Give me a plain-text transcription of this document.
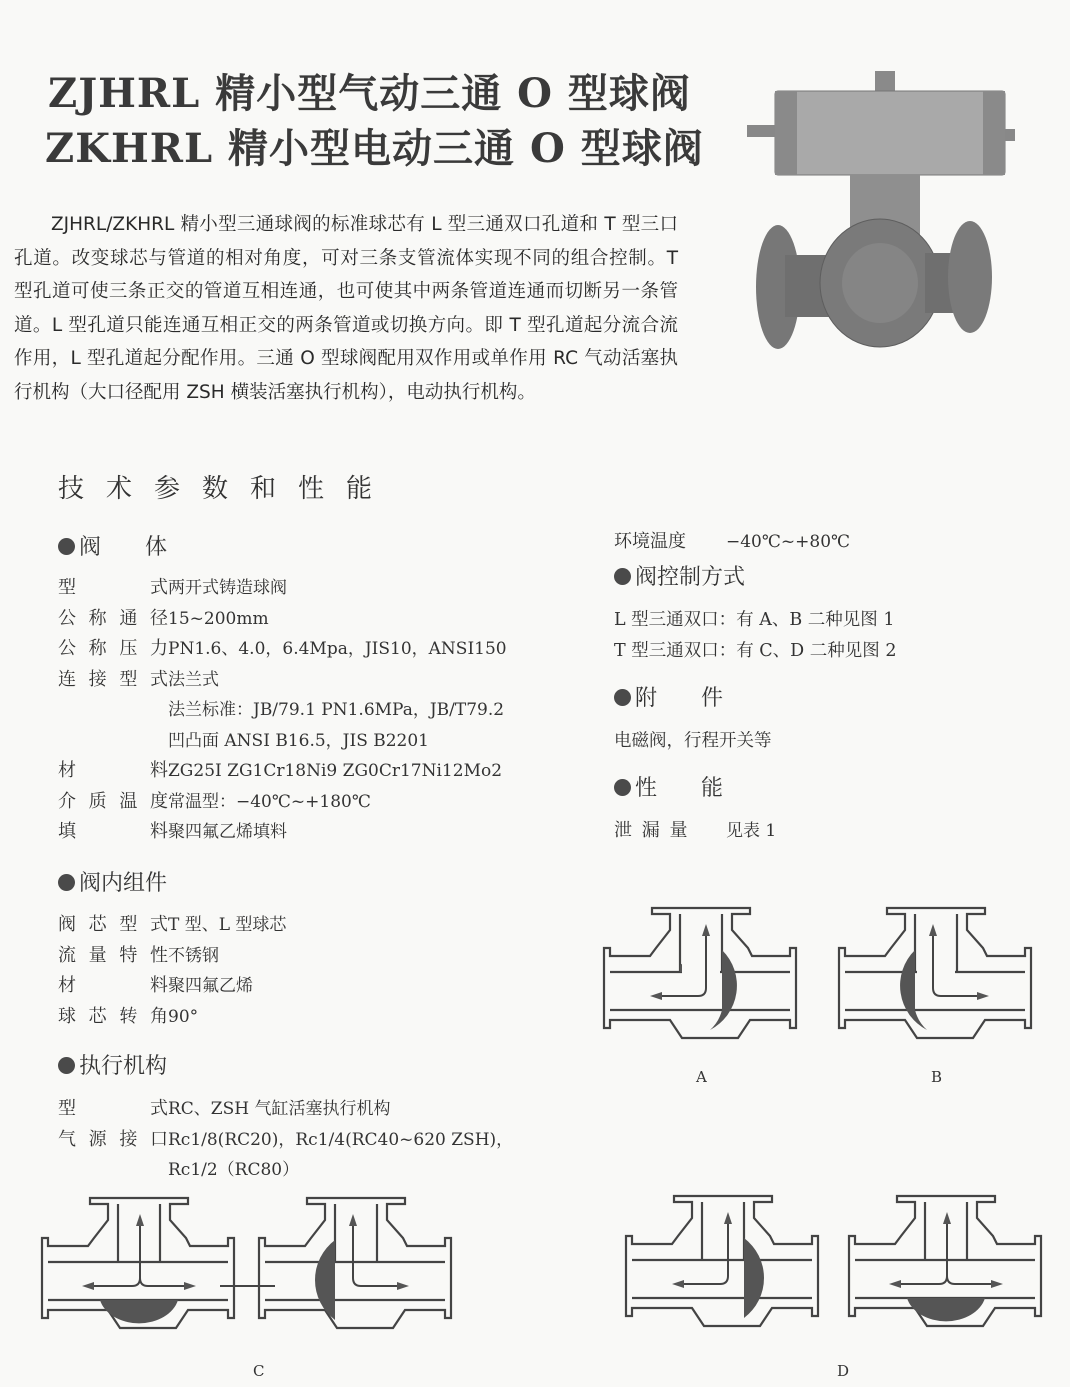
ZJHRL 精小型气动三通 O 型球阀
ZKHRL 精小型电动三通 O 型球阀

ZJHRL/ZKHRL 精小型三通球阀的标准球芯有 L 型三通双口孔道和 T 型三口孔道。改变球芯与管道的相对角度，可对三条支管流体实现不同的组合控制。T 型孔道可使三条正交的管道互相连通，也可使其中两条管道连通而切断另一条管道。L 型孔道只能连通互相正交的两条管道或切换方向。即 T 型孔道起分流合流作用，L 型孔道起分配作用。三通 O 型球阀配用双作用或单作用 RC 气动活塞执行机构（大口径配用 ZSH 横装活塞执行机构），电动执行机构。

技术参数和性能
阀　　体
型式 两开式铸造球阀
公称通径 15~200mm
公称压力 PN1.6、4.0，6.4Mpa，JIS10，ANSI150
连接型式 法兰式
法兰标准：JB/79.1 PN1.6MPa，JB/T79.2
凹凸面 ANSI B16.5，JIS B2201
材料 ZG25I ZG1Cr18Ni9 ZG0Cr17Ni12Mo2
介质温度 常温型：−40℃~+180℃
填料 聚四氟乙烯填料
阀内组件
阀芯型式 T 型、L 型球芯
流量特性 不锈钢
材料 聚四氟乙烯
球芯转角 90°
执行机构
型式 RC、ZSH 气缸活塞执行机构
气源接口 Rc1/8(RC20)，Rc1/4(RC40~620 ZSH)，
Rc1/2（RC80）
环境温度	−40℃~+80℃
阀控制方式
L 型三通双口：有 A、B 二种见图 1
T 型三通双口：有 C、D 二种见图 2
附　　件
电磁阀，行程开关等
性　　能
泄 漏 量	见表 1
A	B
C	D
